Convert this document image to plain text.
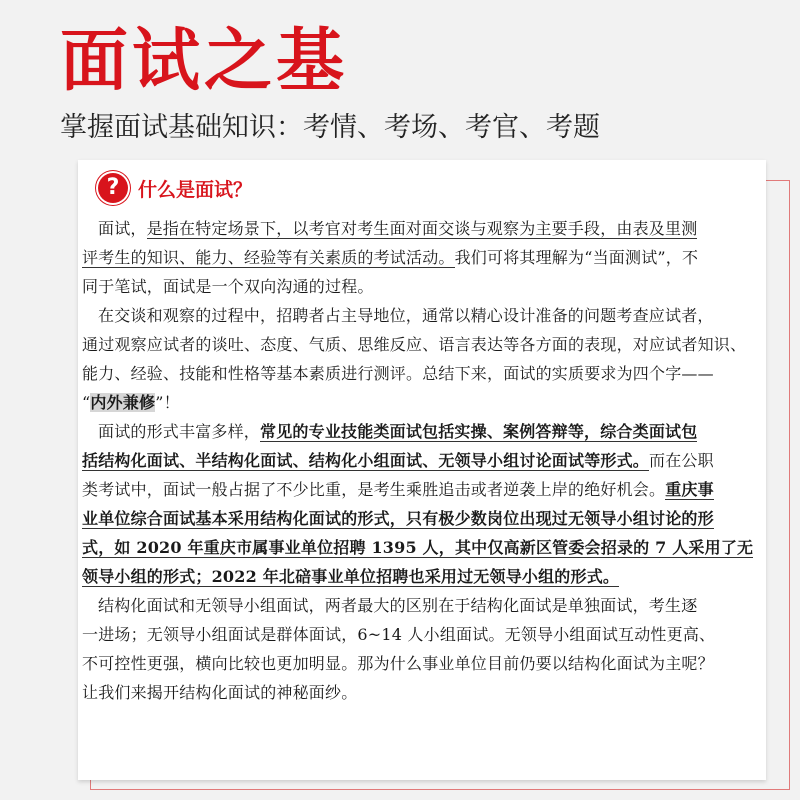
面试之基
掌握面试基础知识：考情、考场、考官、考题
? 什么是面试？
面试，是指在特定场景下，以考官对考生面对面交谈与观察为主要手段，由表及里测
评考生的知识、能力、经验等有关素质的考试活动。我们可将其理解为“当面测试”，不
同于笔试，面试是一个双向沟通的过程。
在交谈和观察的过程中，招聘者占主导地位，通常以精心设计准备的问题考查应试者，
通过观察应试者的谈吐、态度、气质、思维反应、语言表达等各方面的表现，对应试者知识、
能力、经验、技能和性格等基本素质进行测评。总结下来，面试的实质要求为四个字——
“内外兼修”！
面试的形式丰富多样，常见的专业技能类面试包括实操、案例答辩等，综合类面试包
括结构化面试、半结构化面试、结构化小组面试、无领导小组讨论面试等形式。而在公职
类考试中，面试一般占据了不少比重，是考生乘胜追击或者逆袭上岸的绝好机会。重庆事
业单位综合面试基本采用结构化面试的形式，只有极少数岗位出现过无领导小组讨论的形
式，如 2020 年重庆市属事业单位招聘 1395 人，其中仅高新区管委会招录的 7 人采用了无
领导小组的形式；2022 年北碚事业单位招聘也采用过无领导小组的形式。
结构化面试和无领导小组面试，两者最大的区别在于结构化面试是单独面试，考生逐
一进场；无领导小组面试是群体面试，6~14 人小组面试。无领导小组面试互动性更高、
不可控性更强，横向比较也更加明显。那为什么事业单位目前仍要以结构化面试为主呢？
让我们来揭开结构化面试的神秘面纱。
